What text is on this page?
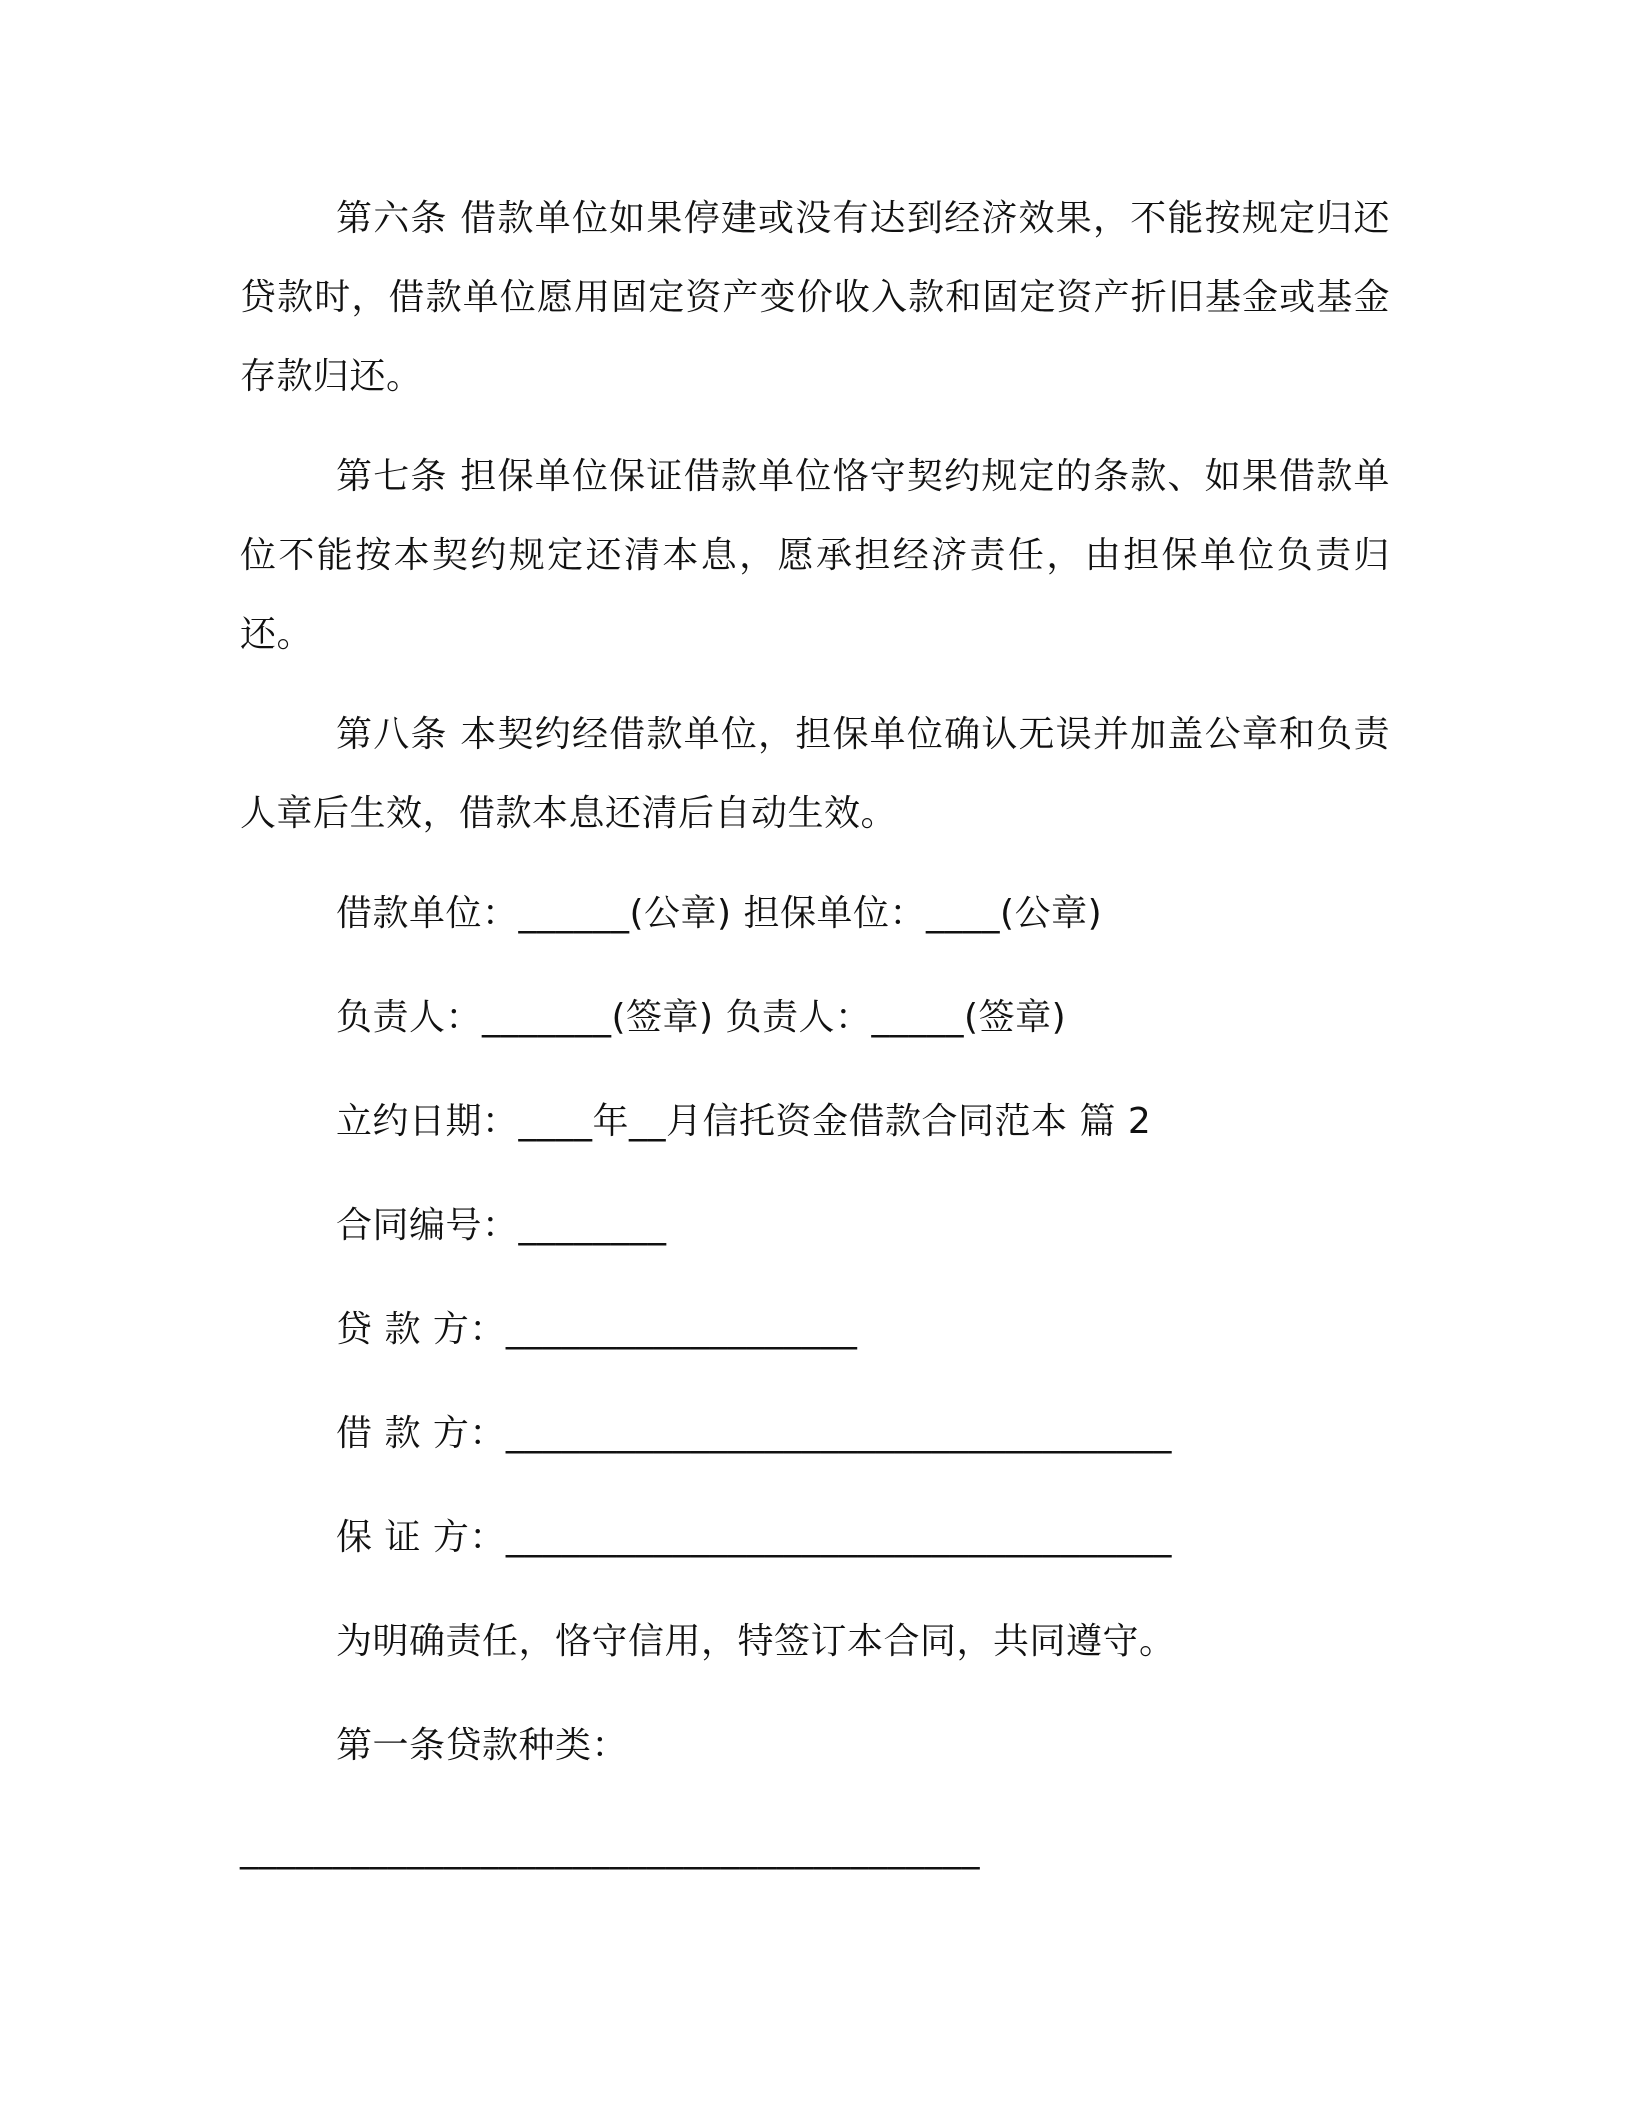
第六条 借款单位如果停建或没有达到经济效果，不能按规定归还贷款时，借款单位愿用固定资产变价收入款和固定资产折旧基金或基金存款归还。

第七条 担保单位保证借款单位恪守契约规定的条款、如果借款单位不能按本契约规定还清本息，愿承担经济责任，由担保单位负责归还。

第八条 本契约经借款单位，担保单位确认无误并加盖公章和负责人章后生效，借款本息还清后自动生效。

借款单位：______(公章) 担保单位：____(公章)

负责人：_______(签章) 负责人：_____(签章)

立约日期：____年__月信托资金借款合同范本 篇 2

合同编号：________

贷 款 方：___________________

借 款 方：____________________________________

保 证 方：____________________________________

为明确责任，恪守信用，特签订本合同，共同遵守。

第一条贷款种类：

________________________________________
